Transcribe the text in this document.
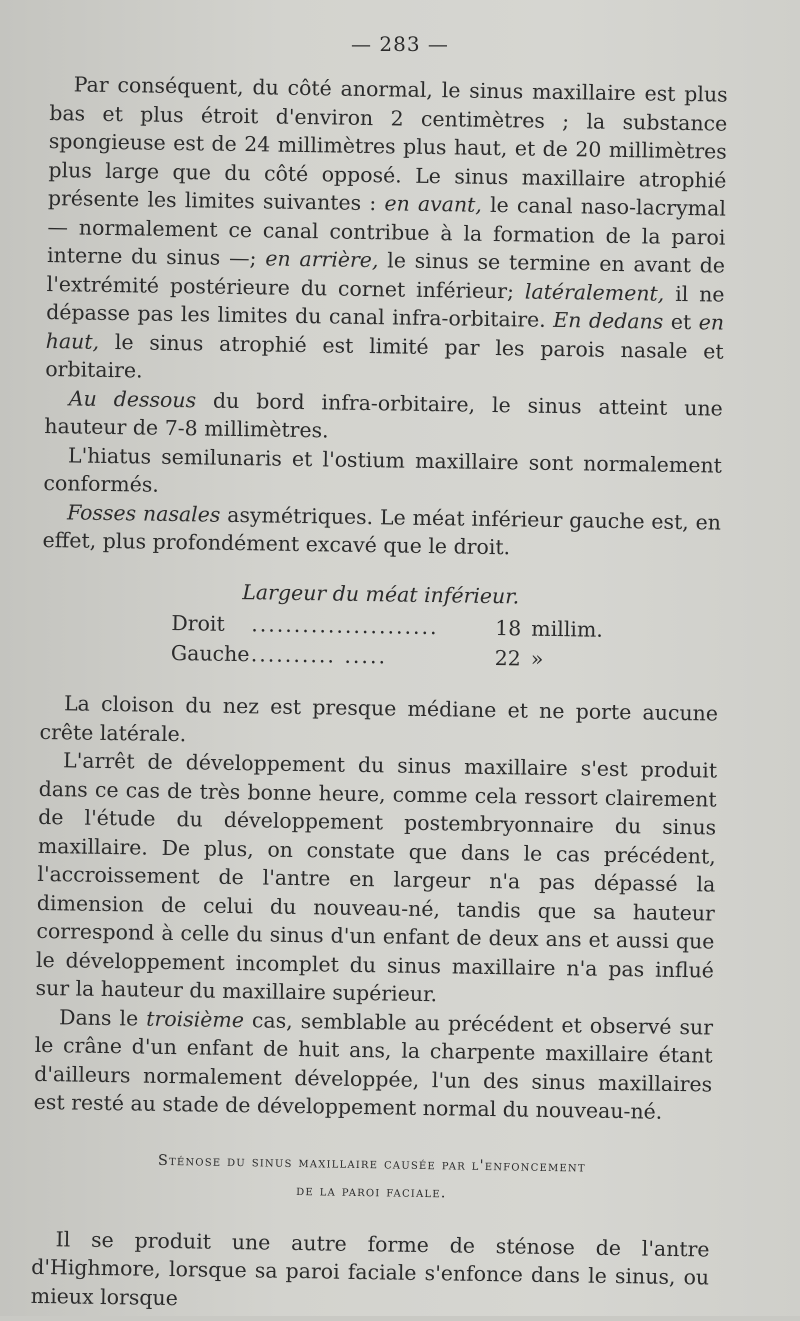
— 283 —

Par conséquent, du côté anormal, le sinus maxillaire est plus bas et plus étroit d'environ 2 centimètres ; la substance spongieuse est de 24 millimètres plus haut, et de 20 millimètres plus large que du côté opposé. Le sinus maxillaire atrophié présente les limites suivantes : en avant, le canal naso-lacrymal — normalement ce canal contribue à la formation de la paroi interne du sinus —; en arrière, le sinus se termine en avant de l'extrémité postérieure du cornet inférieur; latéralement, il ne dépasse pas les limites du canal infra-orbitaire. En dedans et en haut, le sinus atrophié est limité par les parois nasale et orbitaire.

Au dessous du bord infra-orbitaire, le sinus atteint une hauteur de 7-8 millimètres.

L'hiatus semilunaris et l'ostium maxillaire sont normalement conformés.

Fosses nasales asymétriques. Le méat inférieur gauche est, en effet, plus profondément excavé que le droit.

Largeur du méat inférieur.
Droit	......................	18 millim.
Gauche .......... .....	22 »

La cloison du nez est presque médiane et ne porte aucune crête latérale.

L'arrêt de développement du sinus maxillaire s'est produit dans ce cas de très bonne heure, comme cela ressort clairement de l'étude du développement postembryonnaire du sinus maxillaire. De plus, on constate que dans le cas précédent, l'accroissement de l'antre en largeur n'a pas dépassé la dimension de celui du nouveau-né, tandis que sa hauteur correspond à celle du sinus d'un enfant de deux ans et aussi que le développement incomplet du sinus maxillaire n'a pas influé sur la hauteur du maxillaire supérieur.

Dans le troisième cas, semblable au précédent et observé sur le crâne d'un enfant de huit ans, la charpente maxillaire étant d'ailleurs normalement développée, l'un des sinus maxillaires est resté au stade de développement normal du nouveau-né.

Sténose du sinus maxillaire causée par l'enfoncement
de la paroi faciale.

Il se produit une autre forme de sténose de l'antre d'Highmore, lorsque sa paroi faciale s'enfonce dans le sinus, ou mieux lorsque
